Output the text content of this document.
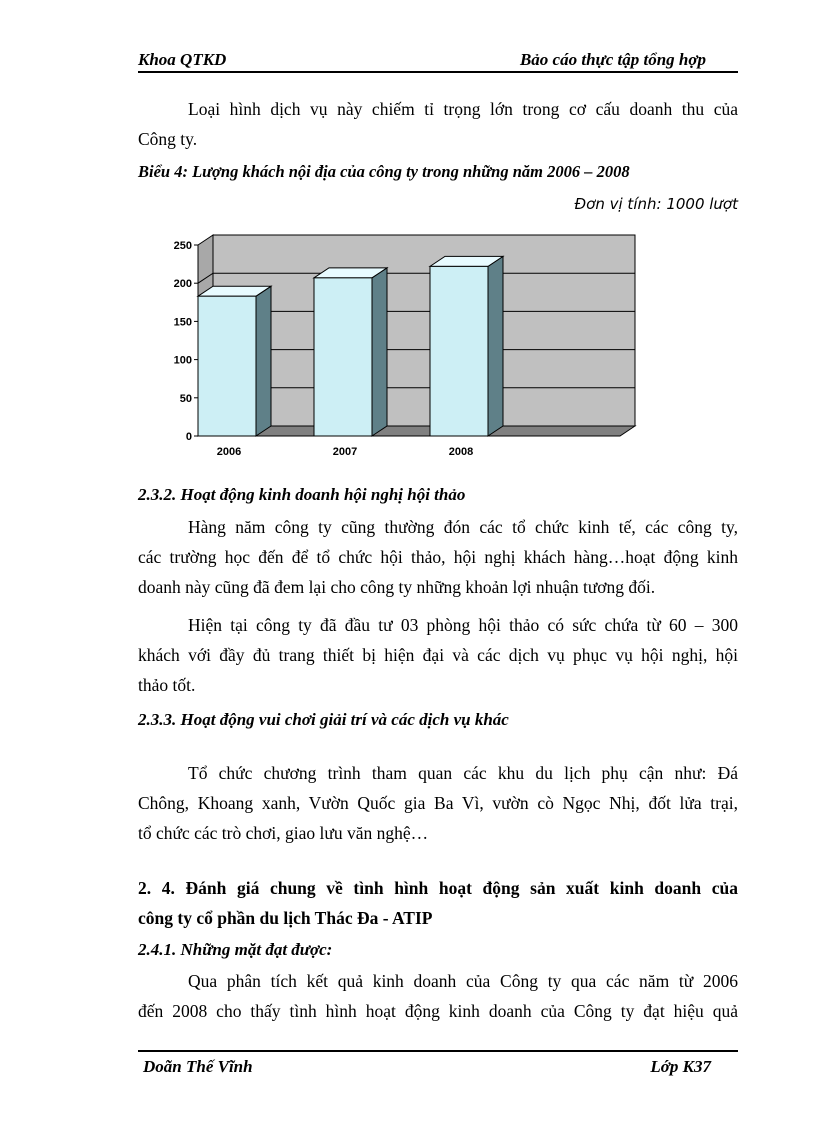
Khoa QTKD	Bảo cáo thực tập tổng hợp
Loại hình dịch vụ này chiếm tỉ trọng lớn trong cơ cấu doanh thu của
Công ty.
Biểu 4: Lượng khách nội địa của công ty trong những năm 2006 – 2008
Đơn vị tính: 1000 lượt
0
50
100
150
200
250
2006	2007	2008
2.3.2. Hoạt động kinh doanh hội nghị hội thảo
Hàng năm công ty cũng thường đón các tổ chức kinh tế, các công ty,
các trường học đến để tổ chức hội thảo, hội nghị khách hàng…hoạt động kinh
doanh này cũng đã đem lại cho công ty những khoản lợi nhuận tương đối.
Hiện tại công ty đã đầu tư 03 phòng hội thảo có sức chứa từ 60 – 300
khách với đầy đủ trang thiết bị hiện đại và các dịch vụ phục vụ hội nghị, hội
thảo tốt.
2.3.3. Hoạt động vui chơi giải trí và các dịch vụ khác
Tổ chức chương trình tham quan các khu du lịch phụ cận như: Đá
Chông, Khoang xanh, Vườn Quốc gia Ba Vì, vườn cò Ngọc Nhị, đốt lửa trại,
tổ chức các trò chơi, giao lưu văn nghệ…
2. 4. Đánh giá chung về tình hình hoạt động sản xuất kinh doanh của
công ty cổ phần du lịch Thác Đa - ATIP
2.4.1. Những mặt đạt được:
Qua phân tích kết quả kinh doanh của Công ty qua các năm từ 2006
đến 2008 cho thấy tình hình hoạt động kinh doanh của Công ty đạt hiệu quả
Doãn Thế Vĩnh	Lớp K37
